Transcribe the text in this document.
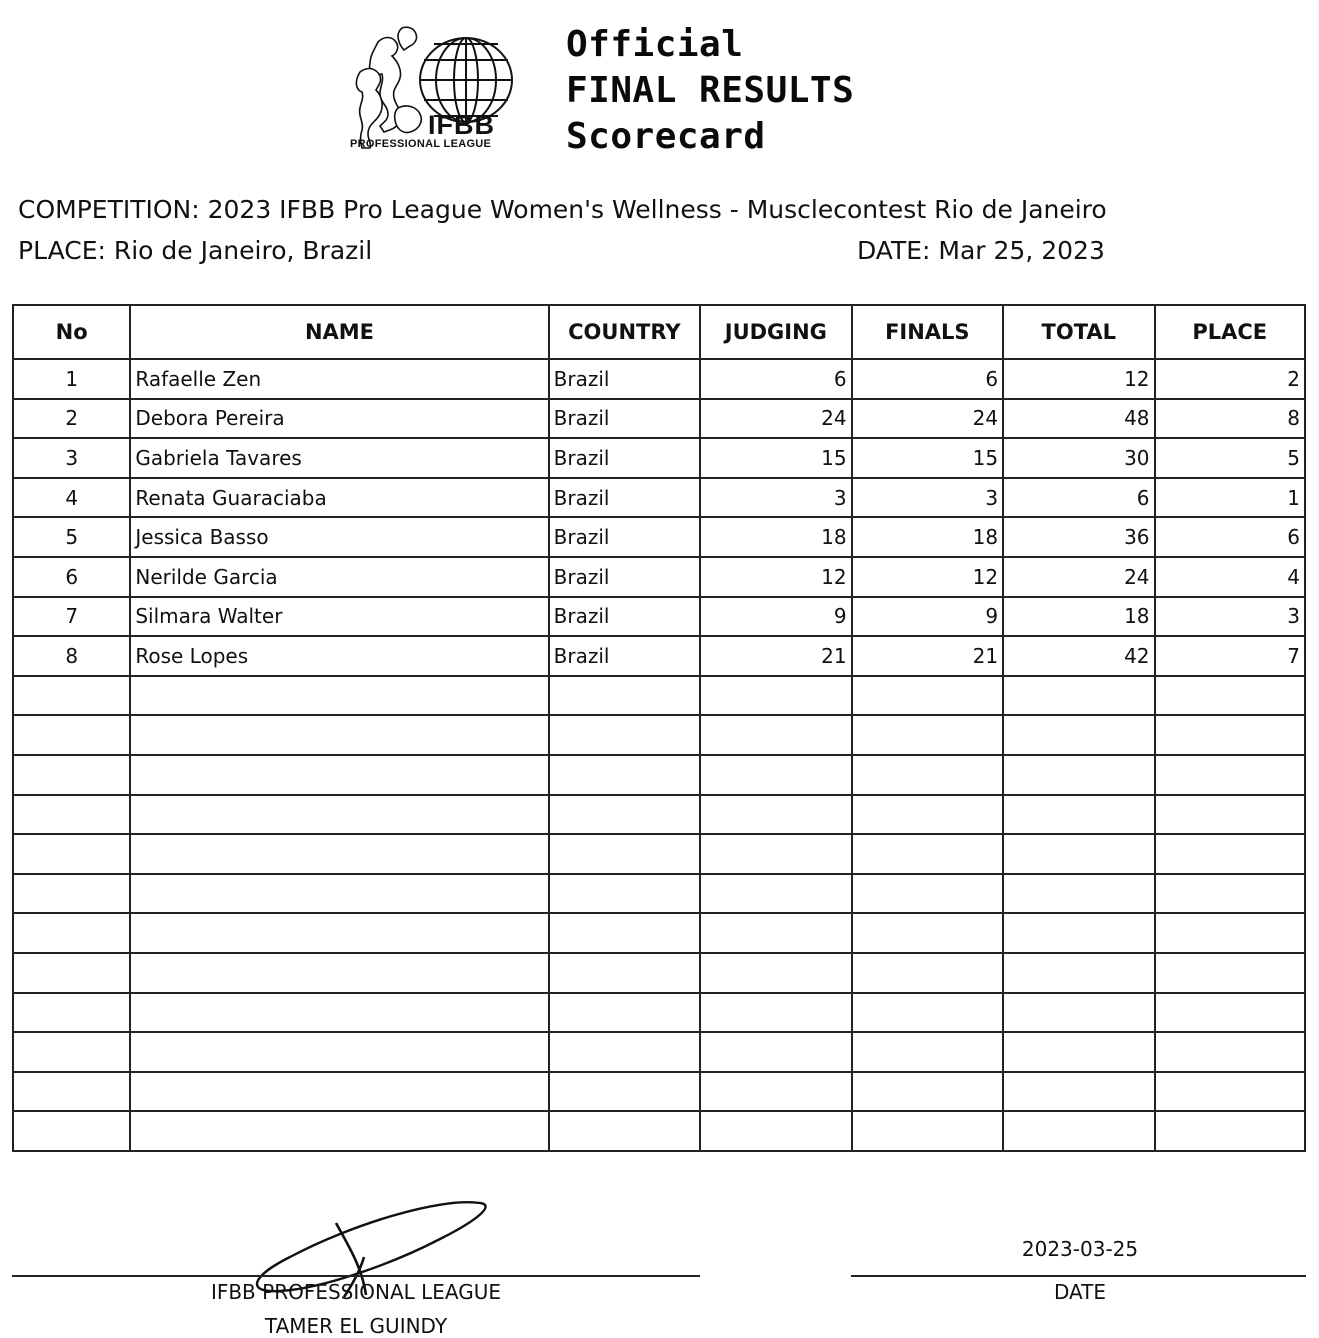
IFBB
PROFESSIONAL LEAGUE
Official
FINAL RESULTS
Scorecard
COMPETITION: 2023 IFBB Pro League Women's Wellness - Musclecontest Rio de Janeiro
PLACE: Rio de Janeiro, Brazil	DATE: Mar 25, 2023
No	NAME	COUNTRY	JUDGING	FINALS	TOTAL	PLACE
1	Rafaelle Zen	Brazil	6	6	12	2
2	Debora Pereira	Brazil	24	24	48	8
3	Gabriela Tavares	Brazil	15	15	30	5
4	Renata Guaraciaba	Brazil	3	3	6	1
5	Jessica Basso	Brazil	18	18	36	6
6	Nerilde Garcia	Brazil	12	12	24	4
7	Silmara Walter	Brazil	9	9	18	3
8	Rose Lopes	Brazil	21	21	42	7

IFBB PROFESSIONAL LEAGUE
TAMER EL GUINDY
2023-03-25
DATE
